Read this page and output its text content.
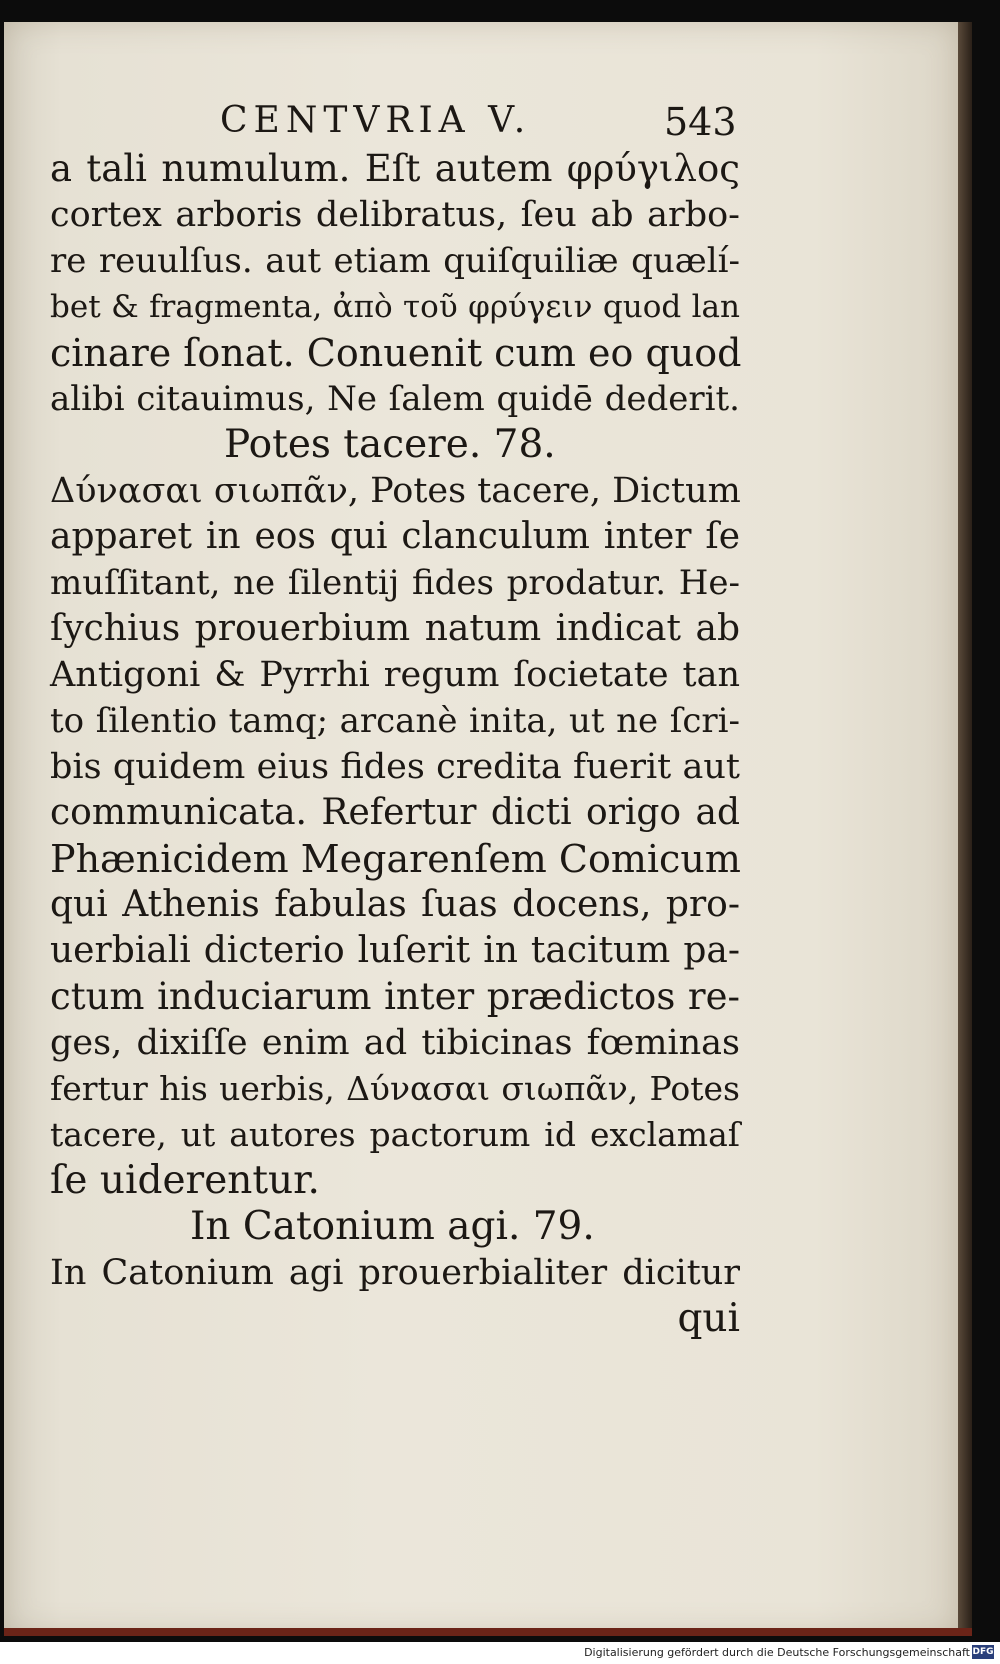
CENTVRIA V.	543
a tali numulum. Eſt autem φρύγιλος
cortex arboris delibratus, ſeu ab arbo-
re reuulſus. aut etiam quiſquiliæ quælí-
bet & fragmenta, ἀπὸ τοῦ φρύγειν quod lan
cinare ſonat. Conuenit cum eo quod
alibi citauimus, Ne ſalem quidē dederit.
Potes tacere. 78.
Δύνασαι σιωπᾶν, Potes tacere, Dictum
apparet in eos qui clanculum inter ſe
muſſitant, ne ſilentij fides prodatur. He-
ſychius prouerbium natum indicat ab
Antigoni & Pyrrhi regum ſocietate tan
to ſilentio tamq; arcanè inita, ut ne ſcri-
bis quidem eius fides credita fuerit aut
communicata. Refertur dicti origo ad
Phænicidem Megarenſem Comicum
qui Athenis fabulas ſuas docens, pro-
uerbiali dicterio luſerit in tacitum pa-
ctum induciarum inter prædictos re-
ges, dixiſſe enim ad tibicinas fœminas
fertur his uerbis, Δύνασαι σιωπᾶν, Potes
tacere, ut autores pactorum id exclamaſ
ſe uiderentur.
In Catonium agi. 79.
In Catonium agi prouerbialiter dicitur
qui
Digitalisierung gefördert durch die Deutsche Forschungsgemeinschaft DFG
